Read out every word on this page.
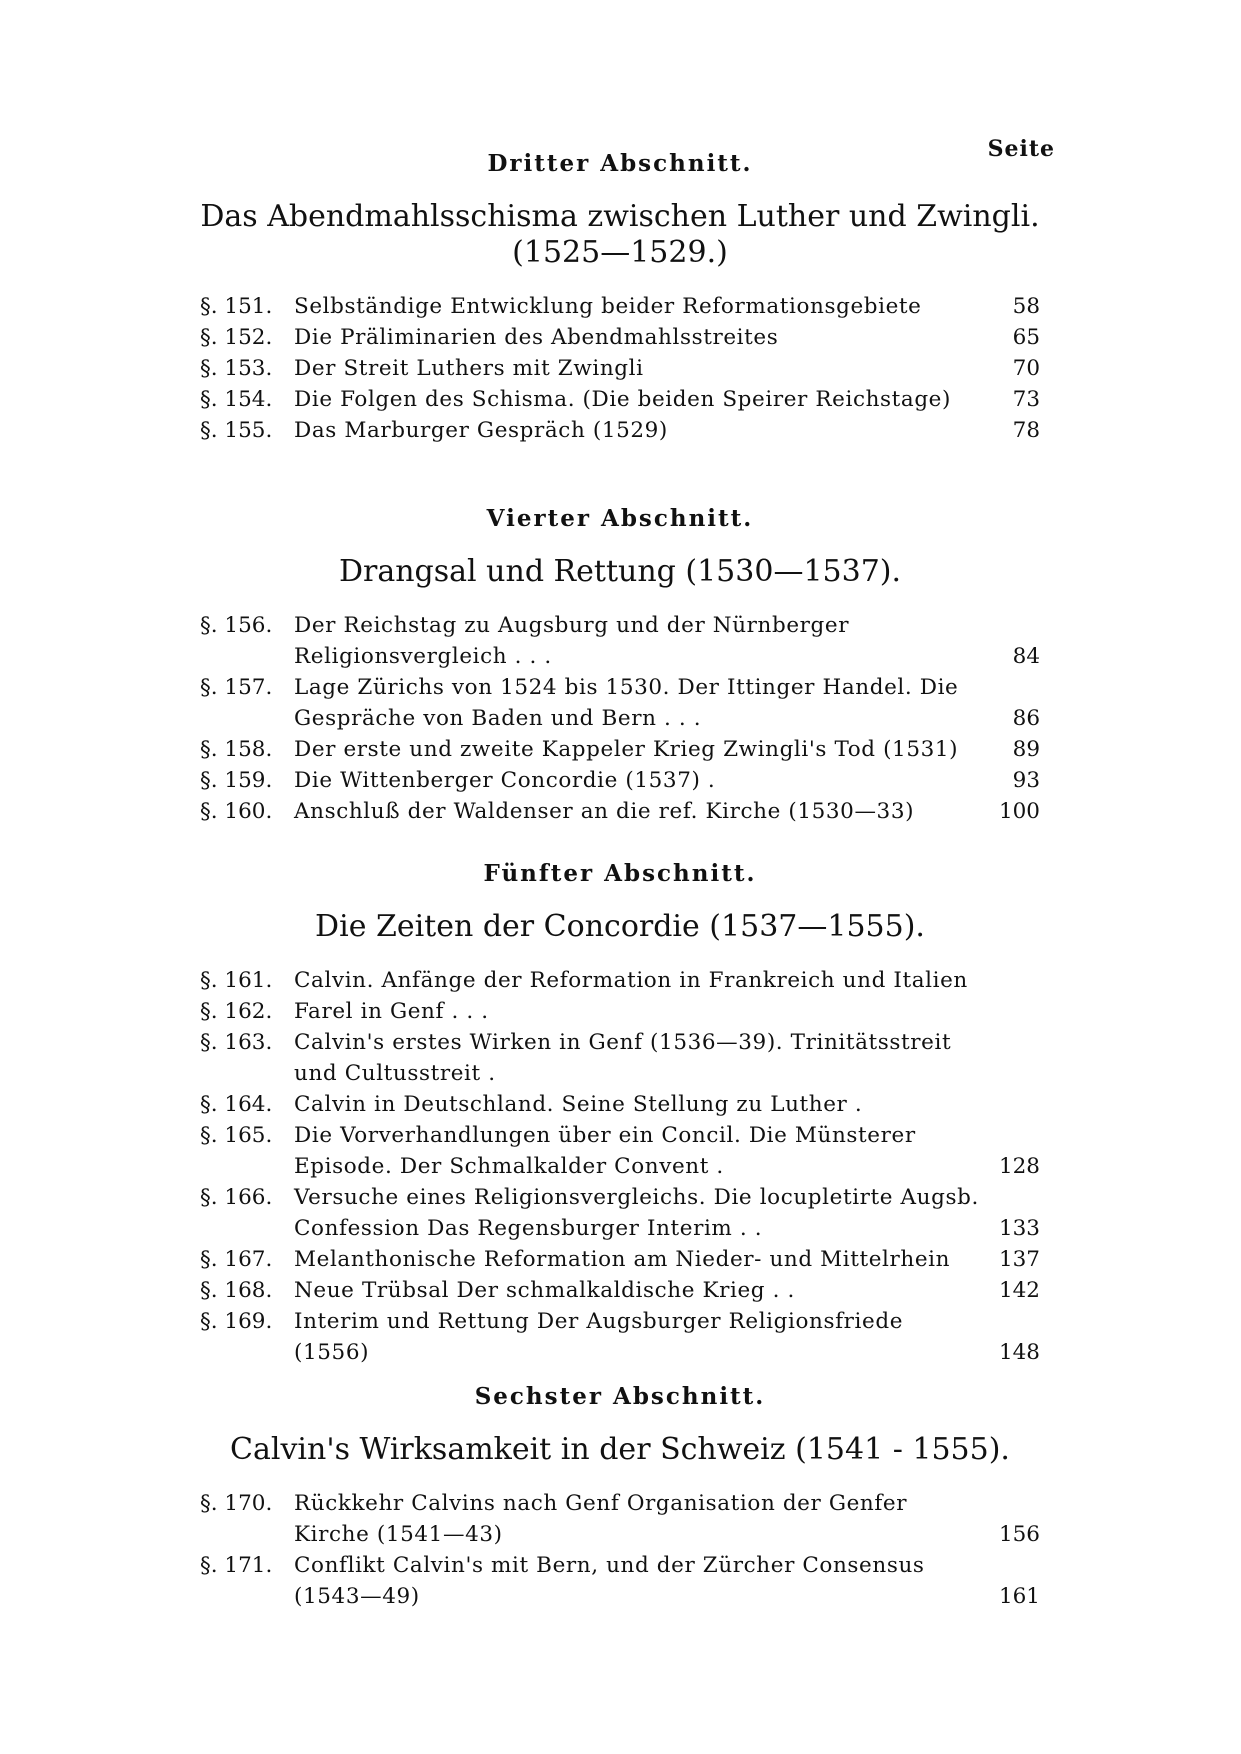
Seite
Dritter Abschnitt.
Das Abendmahlsschisma zwischen Luther und Zwingli.
(1525—1529.)
§. 151.	Selbständige Entwicklung beider Reformationsgebiete	58
§. 152.	Die Präliminarien des Abendmahlsstreites	65
§. 153.	Der Streit Luthers mit Zwingli	70
§. 154.	Die Folgen des Schisma. (Die beiden Speirer Reichstage)	73
§. 155.	Das Marburger Gespräch (1529)	78
Vierter Abschnitt.
Drangsal und Rettung (1530—1537).
§. 156.	Der Reichstag zu Augsburg und der Nürnberger Religionsvergleich . . .	84
§. 157.	Lage Zürichs von 1524 bis 1530. Der Ittinger Handel. Die Gespräche von Baden und Bern . . .	86
§. 158.	Der erste und zweite Kappeler Krieg Zwingli's Tod (1531)	89
§. 159.	Die Wittenberger Concordie (1537) .	93
§. 160.	Anschluß der Waldenser an die ref. Kirche (1530—33)	100
Fünfter Abschnitt.
Die Zeiten der Concordie (1537—1555).
§. 161.	Calvin. Anfänge der Reformation in Frankreich und Italien
§. 162.	Farel in Genf . . .
§. 163.	Calvin's erstes Wirken in Genf (1536—39). Trinitätsstreit und Cultusstreit .
§. 164.	Calvin in Deutschland. Seine Stellung zu Luther .
§. 165.	Die Vorverhandlungen über ein Concil. Die Münsterer Episode. Der Schmalkalder Convent .	128
§. 166.	Versuche eines Religionsvergleichs. Die locupletirte Augsb. Confession Das Regensburger Interim . .	133
§. 167.	Melanthonische Reformation am Nieder- und Mittelrhein	137
§. 168.	Neue Trübsal Der schmalkaldische Krieg . .	142
§. 169.	Interim und Rettung Der Augsburger Religionsfriede (1556)	148
Sechster Abschnitt.
Calvin's Wirksamkeit in der Schweiz (1541 - 1555).
§. 170.	Rückkehr Calvins nach Genf Organisation der Genfer Kirche (1541—43)	156
§. 171.	Conflikt Calvin's mit Bern, und der Zürcher Consensus (1543—49)	161
